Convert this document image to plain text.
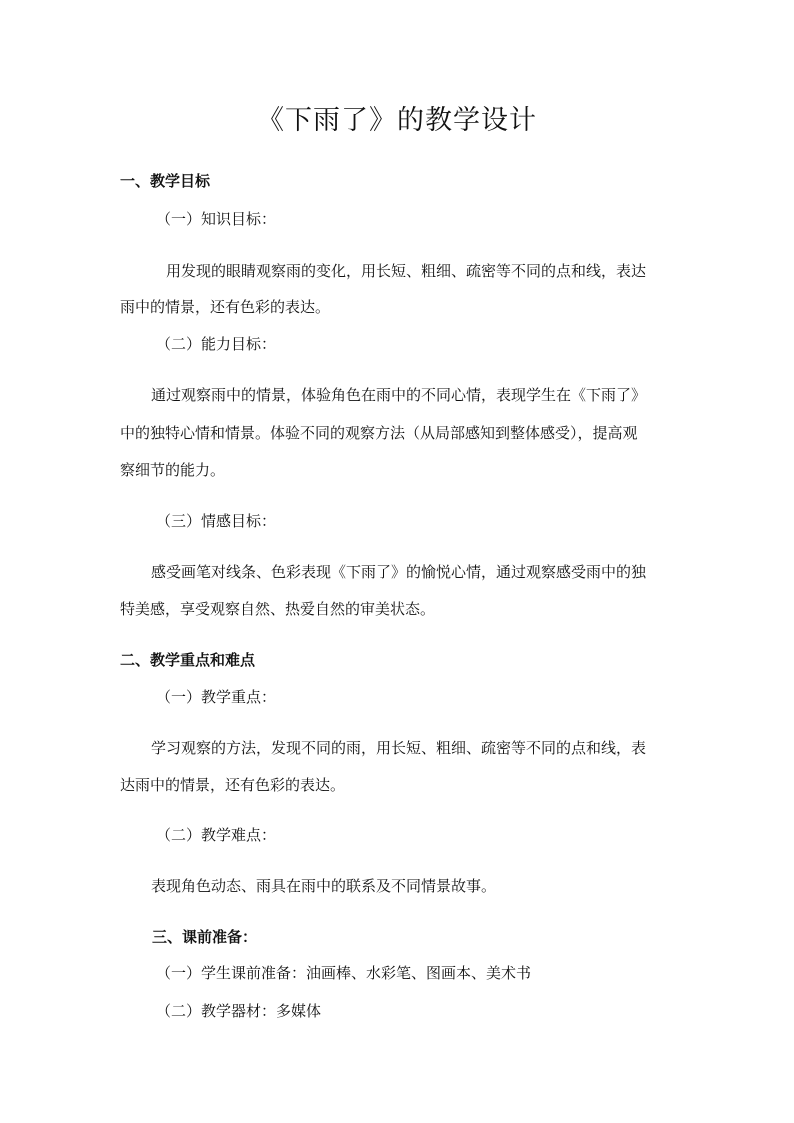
《下雨了》的教学设计
一、教学目标
（一）知识目标：
用发现的眼睛观察雨的变化，用长短、粗细、疏密等不同的点和线，表达
雨中的情景，还有色彩的表达。
（二）能力目标：
通过观察雨中的情景，体验角色在雨中的不同心情，表现学生在《下雨了》
中的独特心情和情景。体验不同的观察方法（从局部感知到整体感受），提高观
察细节的能力。
（三）情感目标：
感受画笔对线条、色彩表现《下雨了》的愉悦心情，通过观察感受雨中的独
特美感，享受观察自然、热爱自然的审美状态。
二、教学重点和难点
（一）教学重点：
学习观察的方法，发现不同的雨，用长短、粗细、疏密等不同的点和线，表
达雨中的情景，还有色彩的表达。
（二）教学难点：
表现角色动态、雨具在雨中的联系及不同情景故事。
三、课前准备：
（一）学生课前准备：油画棒、水彩笔、图画本、美术书
（二）教学器材：多媒体
